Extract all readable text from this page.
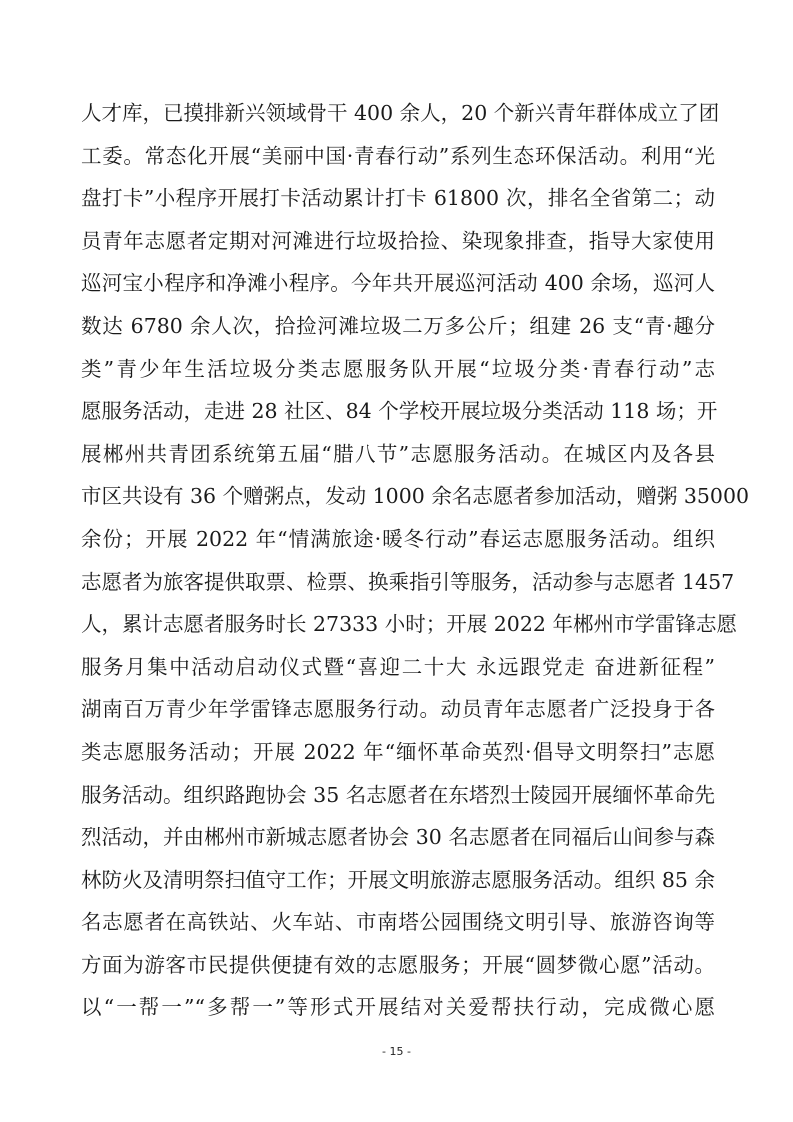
人才库，已摸排新兴领域骨干 400 余人，20 个新兴青年群体成立了团
工委。常态化开展“美丽中国·青春行动”系列生态环保活动。利用“光
盘打卡”小程序开展打卡活动累计打卡 61800 次，排名全省第二；动
员青年志愿者定期对河滩进行垃圾拾捡、染现象排查，指导大家使用
巡河宝小程序和净滩小程序。今年共开展巡河活动 400 余场，巡河人
数达 6780 余人次，拾捡河滩垃圾二万多公斤；组建 26 支“青·趣分
类”青少年生活垃圾分类志愿服务队开展“垃圾分类·青春行动”志
愿服务活动，走进 28 社区、84 个学校开展垃圾分类活动 118 场；开
展郴州共青团系统第五届“腊八节”志愿服务活动。在城区内及各县
市区共设有 36 个赠粥点，发动 1000 余名志愿者参加活动，赠粥 35000
余份；开展 2022 年“情满旅途·暖冬行动”春运志愿服务活动。组织
志愿者为旅客提供取票、检票、换乘指引等服务，活动参与志愿者 1457
人，累计志愿者服务时长 27333 小时；开展 2022 年郴州市学雷锋志愿
服务月集中活动启动仪式暨“喜迎二十大 永远跟党走 奋进新征程”
湖南百万青少年学雷锋志愿服务行动。动员青年志愿者广泛投身于各
类志愿服务活动；开展 2022 年“缅怀革命英烈·倡导文明祭扫”志愿
服务活动。组织路跑协会 35 名志愿者在东塔烈士陵园开展缅怀革命先
烈活动，并由郴州市新城志愿者协会 30 名志愿者在同福后山间参与森
林防火及清明祭扫值守工作；开展文明旅游志愿服务活动。组织 85 余
名志愿者在高铁站、火车站、市南塔公园围绕文明引导、旅游咨询等
方面为游客市民提供便捷有效的志愿服务；开展“圆梦微心愿”活动。
以“一帮一”“多帮一”等形式开展结对关爱帮扶行动，完成微心愿
- 15 -
